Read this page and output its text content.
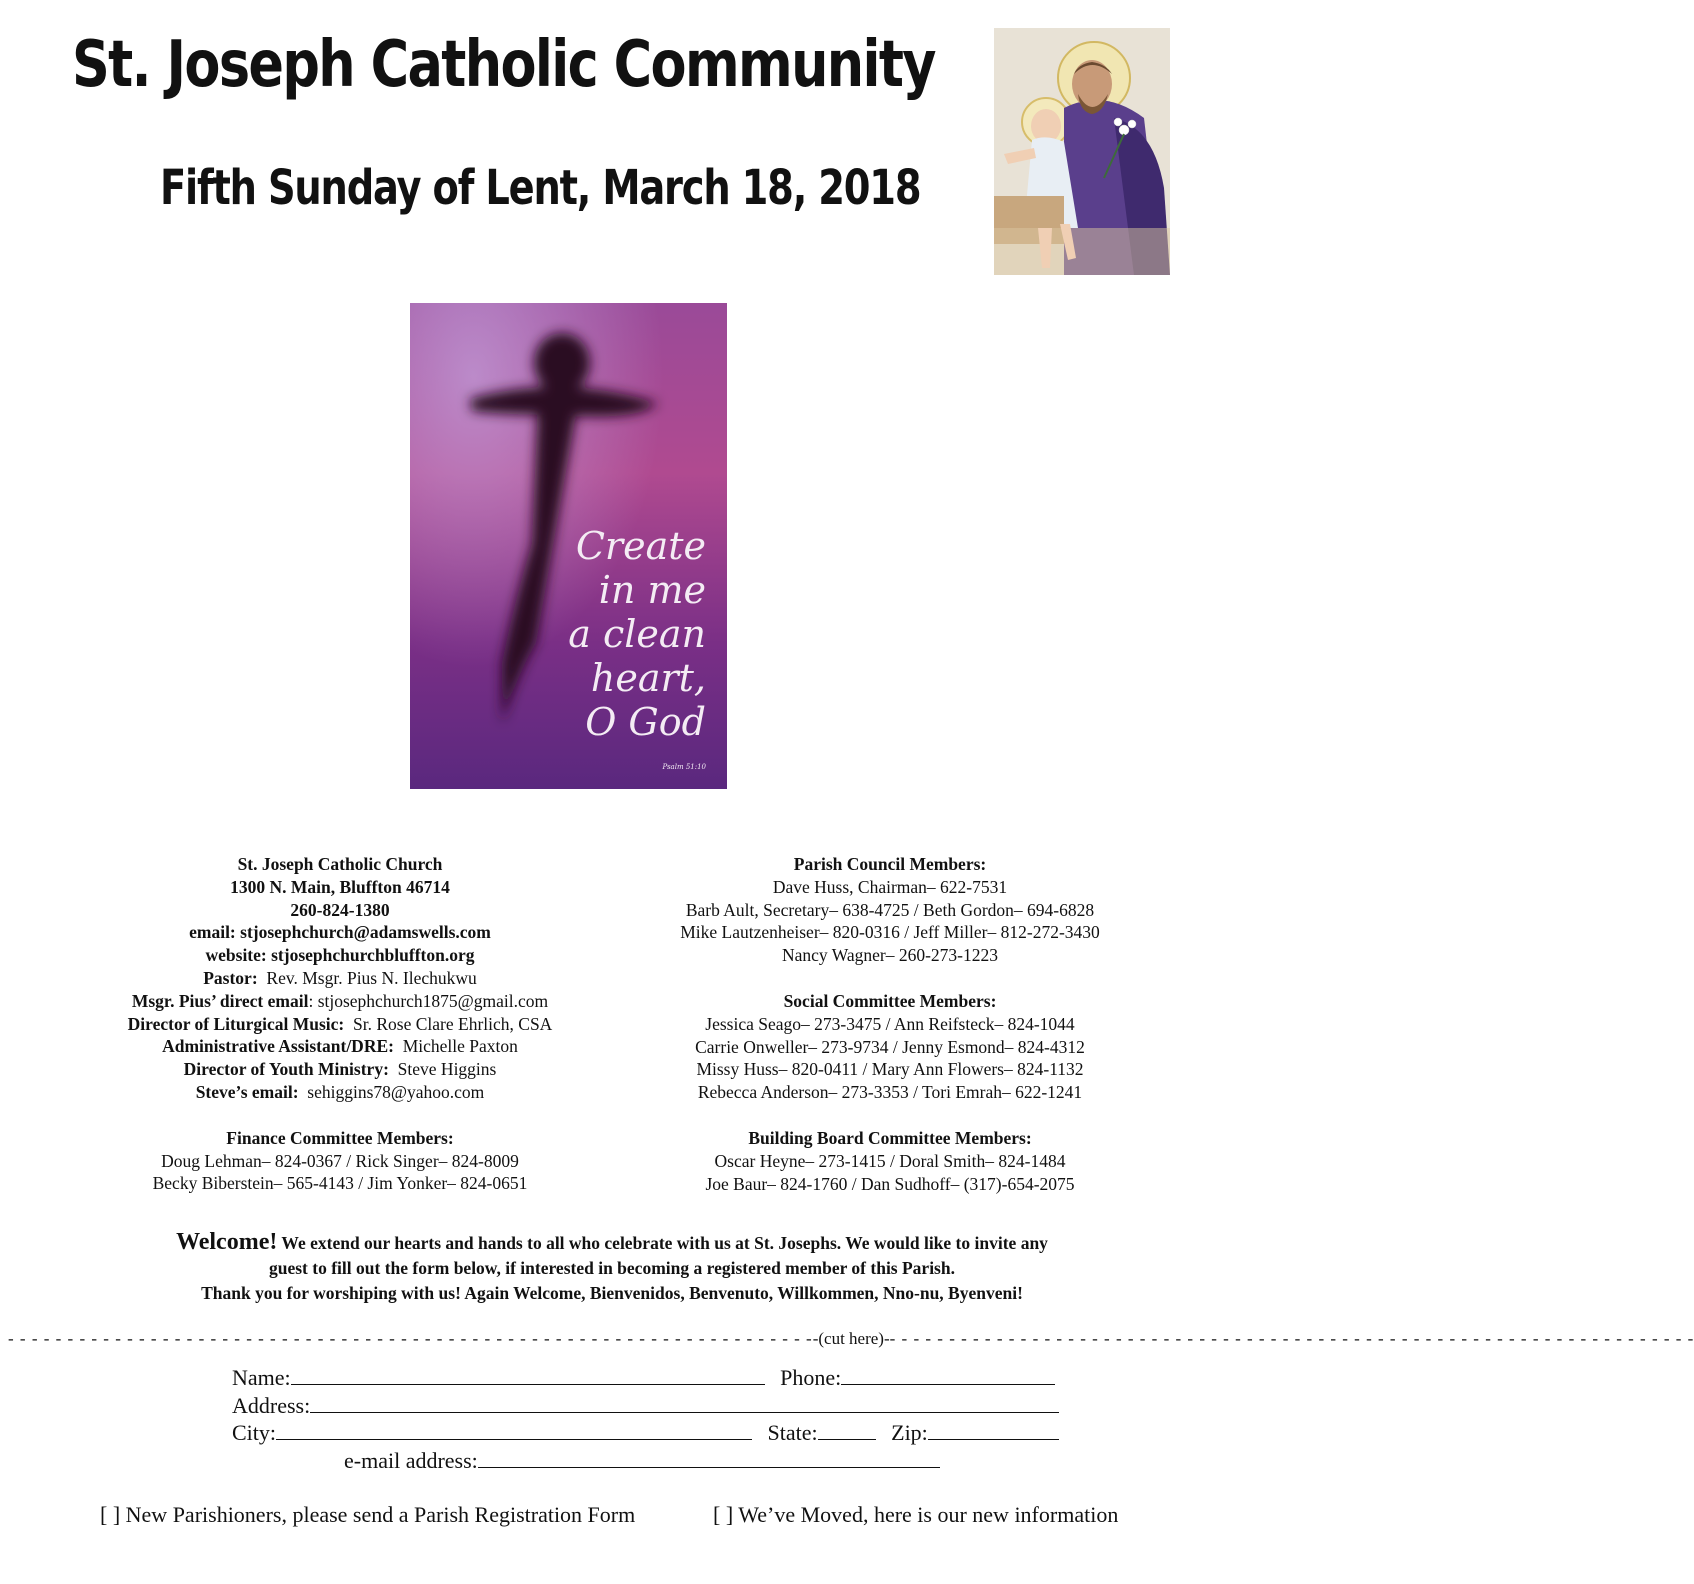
St. Joseph Catholic Community
Fifth Sunday of Lent, March 18, 2018
Create
in me
a clean
heart,
O God
Psalm 51:10
St. Joseph Catholic Church
1300 N. Main, Bluffton 46714
260-824-1380
email: stjosephchurch@adamswells.com
website: stjosephchurchbluffton.org
Pastor:  Rev. Msgr. Pius N. Ilechukwu
Msgr. Pius’ direct email: stjosephchurch1875@gmail.com
Director of Liturgical Music:  Sr. Rose Clare Ehrlich, CSA
Administrative Assistant/DRE:  Michelle Paxton
Director of Youth Ministry:  Steve Higgins
Steve’s email:  sehiggins78@yahoo.com
Finance Committee Members:
Doug Lehman– 824-0367 / Rick Singer– 824-8009
Becky Biberstein– 565-4143 / Jim Yonker– 824-0651
Parish Council Members:
Dave Huss, Chairman– 622-7531
Barb Ault, Secretary– 638-4725 / Beth Gordon– 694-6828
Mike Lautzenheiser– 820-0316 / Jeff Miller– 812-272-3430
Nancy Wagner– 260-273-1223
Social Committee Members:
Jessica Seago– 273-3475 / Ann Reifsteck– 824-1044
Carrie Onweller– 273-9734 / Jenny Esmond– 824-4312
Missy Huss– 820-0411 / Mary Ann Flowers– 824-1132
Rebecca Anderson– 273-3353 / Tori Emrah– 622-1241
Building Board Committee Members:
Oscar Heyne– 273-1415 / Doral Smith– 824-1484
Joe Baur– 824-1760 / Dan Sudhoff– (317)-654-2075
Welcome! We extend our hearts and hands to all who celebrate with us at St. Josephs. We would like to invite any
guest to fill out the form below, if interested in becoming a registered member of this Parish.
Thank you for worshiping with us! Again Welcome, Bienvenidos, Benvenuto, Willkommen, Nno-nu, Byenveni!
- - - - - - - - - - - - - - - - - - - - - - - - - - - - - - - - - - - - - - - - - - - - - - - - - - - - - - - - - - - - - - - - - - - - -(cut here)- - - - - - - - - - - - - - - - - - - - - - - - - - - - - - - - - - - - - - - - - - - - - - - - - - - - - - - - - - - - - - - - - - - - -
Name:	Phone:
Address:
City:	State:	Zip:
e-mail address:
[ ] New Parishioners, please send a Parish Registration Form	[ ] We’ve Moved, here is our new information
